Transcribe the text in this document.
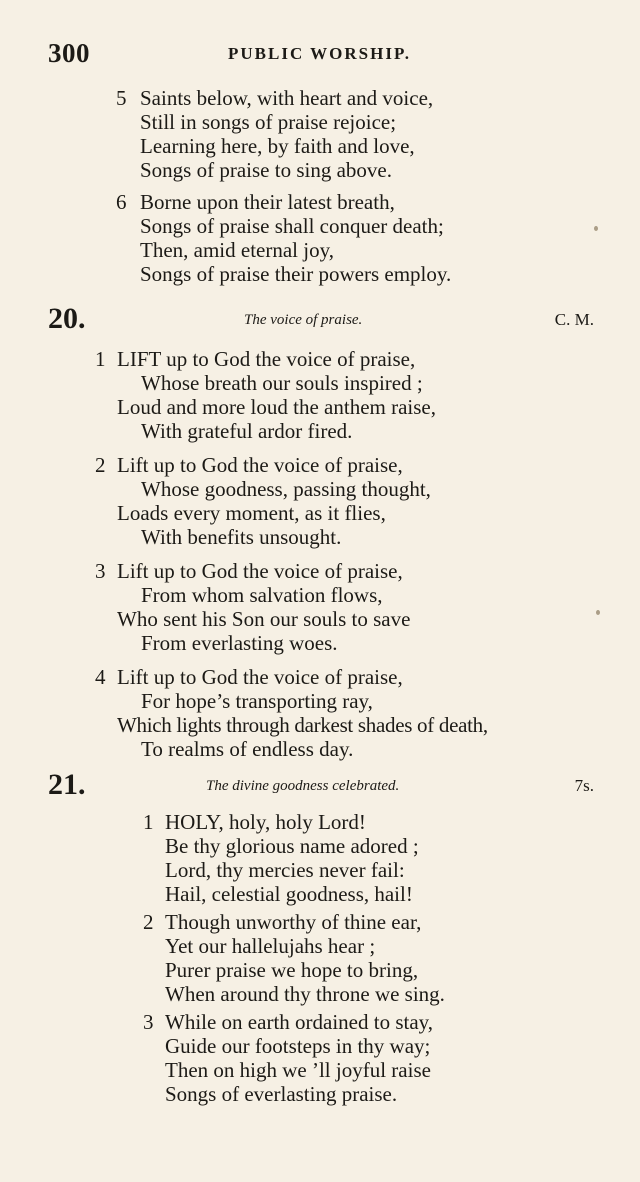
300	PUBLIC WORSHIP.
5 Saints below, with heart and voice,
Still in songs of praise rejoice;
Learning here, by faith and love,
Songs of praise to sing above.
6 Borne upon their latest breath,
Songs of praise shall conquer death;
Then, amid eternal joy,
Songs of praise their powers employ.
20.	The voice of praise.	C. M.
1 LIFT up to God the voice of praise,
Whose breath our souls inspired ;
Loud and more loud the anthem raise,
With grateful ardor fired.
2 Lift up to God the voice of praise,
Whose goodness, passing thought,
Loads every moment, as it flies,
With benefits unsought.
3 Lift up to God the voice of praise,
From whom salvation flows,
Who sent his Son our souls to save
From everlasting woes.
4 Lift up to God the voice of praise,
For hope’s transporting ray,
Which lights through darkest shades of death,
To realms of endless day.
21.	The divine goodness celebrated.	7s.
1 HOLY, holy, holy Lord!
Be thy glorious name adored ;
Lord, thy mercies never fail:
Hail, celestial goodness, hail!
2 Though unworthy of thine ear,
Yet our hallelujahs hear ;
Purer praise we hope to bring,
When around thy throne we sing.
3 While on earth ordained to stay,
Guide our footsteps in thy way;
Then on high we ’ll joyful raise
Songs of everlasting praise.
